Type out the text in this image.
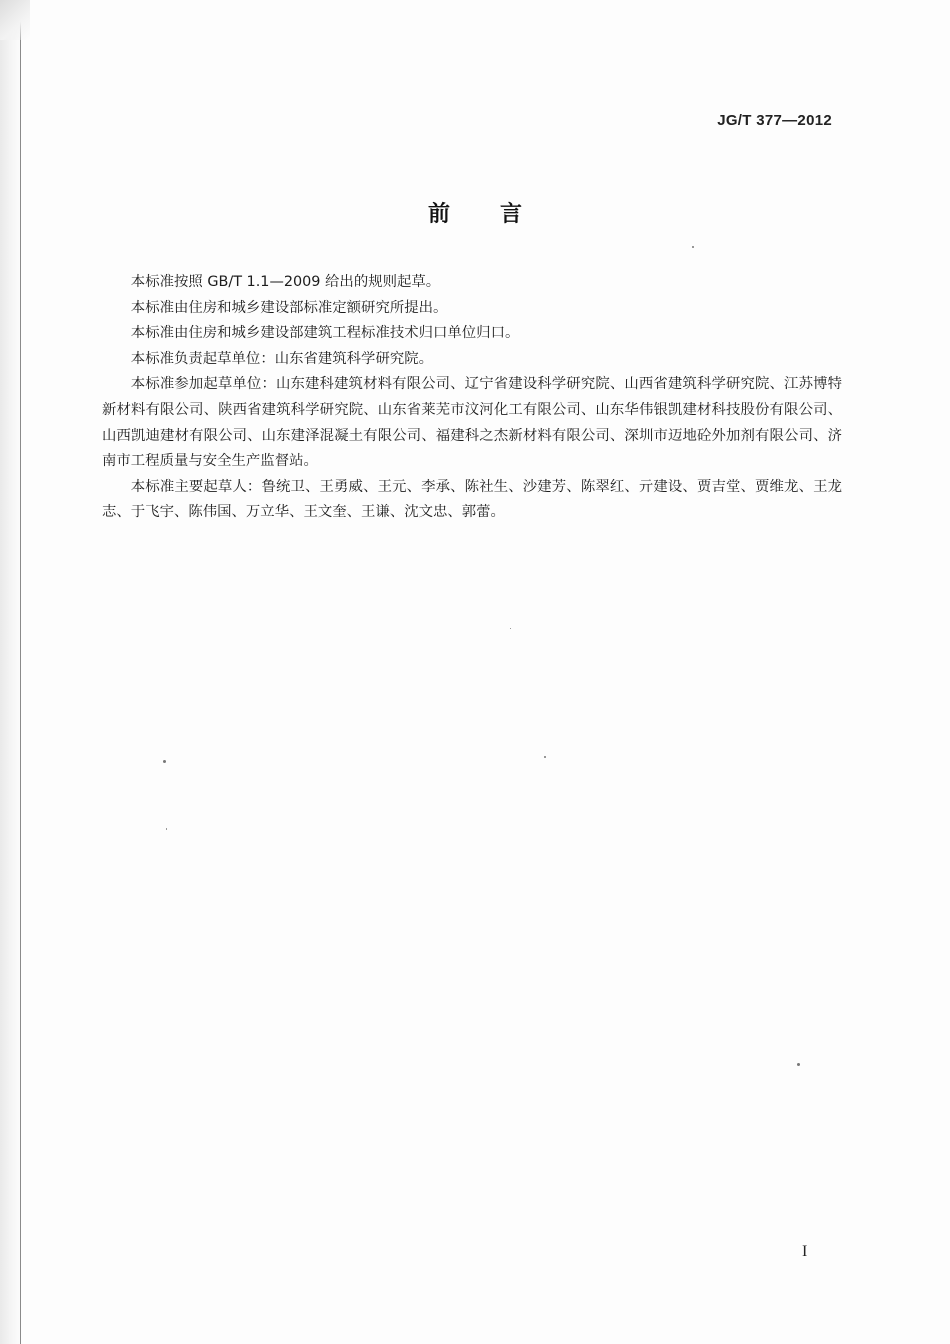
JG/T 377—2012
前言

本标准按照 GB/T 1.1—2009 给出的规则起草。

本标准由住房和城乡建设部标准定额研究所提出。

本标准由住房和城乡建设部建筑工程标准技术归口单位归口。

本标准负责起草单位：山东省建筑科学研究院。

本标准参加起草单位：山东建科建筑材料有限公司、辽宁省建设科学研究院、山西省建筑科学研究院、江苏博特新材料有限公司、陕西省建筑科学研究院、山东省莱芜市汶河化工有限公司、山东华伟银凯建材科技股份有限公司、山西凯迪建材有限公司、山东建泽混凝土有限公司、福建科之杰新材料有限公司、深圳市迈地砼外加剂有限公司、济南市工程质量与安全生产监督站。

本标准主要起草人：鲁统卫、王勇威、王元、李承、陈社生、沙建芳、陈翠红、亓建设、贾吉堂、贾维龙、王龙志、于飞宇、陈伟国、万立华、王文奎、王谦、沈文忠、郭蕾。

I
